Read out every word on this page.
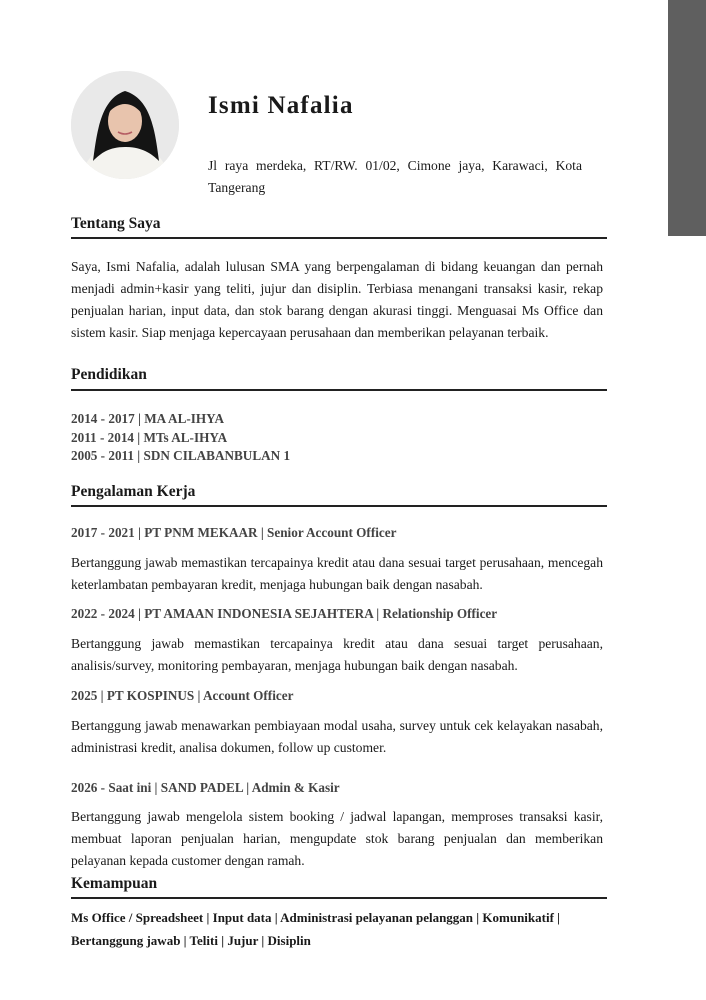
Ismi Nafalia
Jl raya merdeka, RT/RW. 01/02, Cimone jaya, Karawaci, Kota Tangerang
Tentang Saya
Saya, Ismi Nafalia, adalah lulusan SMA yang berpengalaman di bidang keuangan dan pernah menjadi admin+kasir yang teliti, jujur dan disiplin. Terbiasa menangani transaksi kasir, rekap penjualan harian, input data, dan stok barang dengan akurasi tinggi. Menguasai Ms Office dan sistem kasir. Siap menjaga kepercayaan perusahaan dan memberikan pelayanan terbaik.
Pendidikan
2014 - 2017 | MA AL-IHYA
2011 - 2014 | MTs AL-IHYA
2005 - 2011 | SDN CILABANBULAN 1
Pengalaman Kerja
2017 - 2021 | PT PNM MEKAAR | Senior Account Officer
Bertanggung jawab memastikan tercapainya kredit atau dana sesuai target perusahaan, mencegah keterlambatan pembayaran kredit, menjaga hubungan baik dengan nasabah.
2022 - 2024 | PT AMAAN INDONESIA SEJAHTERA | Relationship Officer
Bertanggung jawab memastikan tercapainya kredit atau dana sesuai target perusahaan, analisis/survey, monitoring pembayaran, menjaga hubungan baik dengan nasabah.
2025 | PT KOSPINUS | Account Officer
Bertanggung jawab menawarkan pembiayaan modal usaha, survey untuk cek kelayakan nasabah, administrasi kredit, analisa dokumen, follow up customer.
2026 - Saat ini | SAND PADEL | Admin & Kasir
Bertanggung jawab mengelola sistem booking / jadwal lapangan, memproses transaksi kasir, membuat laporan penjualan harian, mengupdate stok barang penjualan dan memberikan pelayanan kepada customer dengan ramah.
Kemampuan
Ms Office / Spreadsheet | Input data | Administrasi pelayanan pelanggan | Komunikatif | Bertanggung jawab | Teliti | Jujur | Disiplin
